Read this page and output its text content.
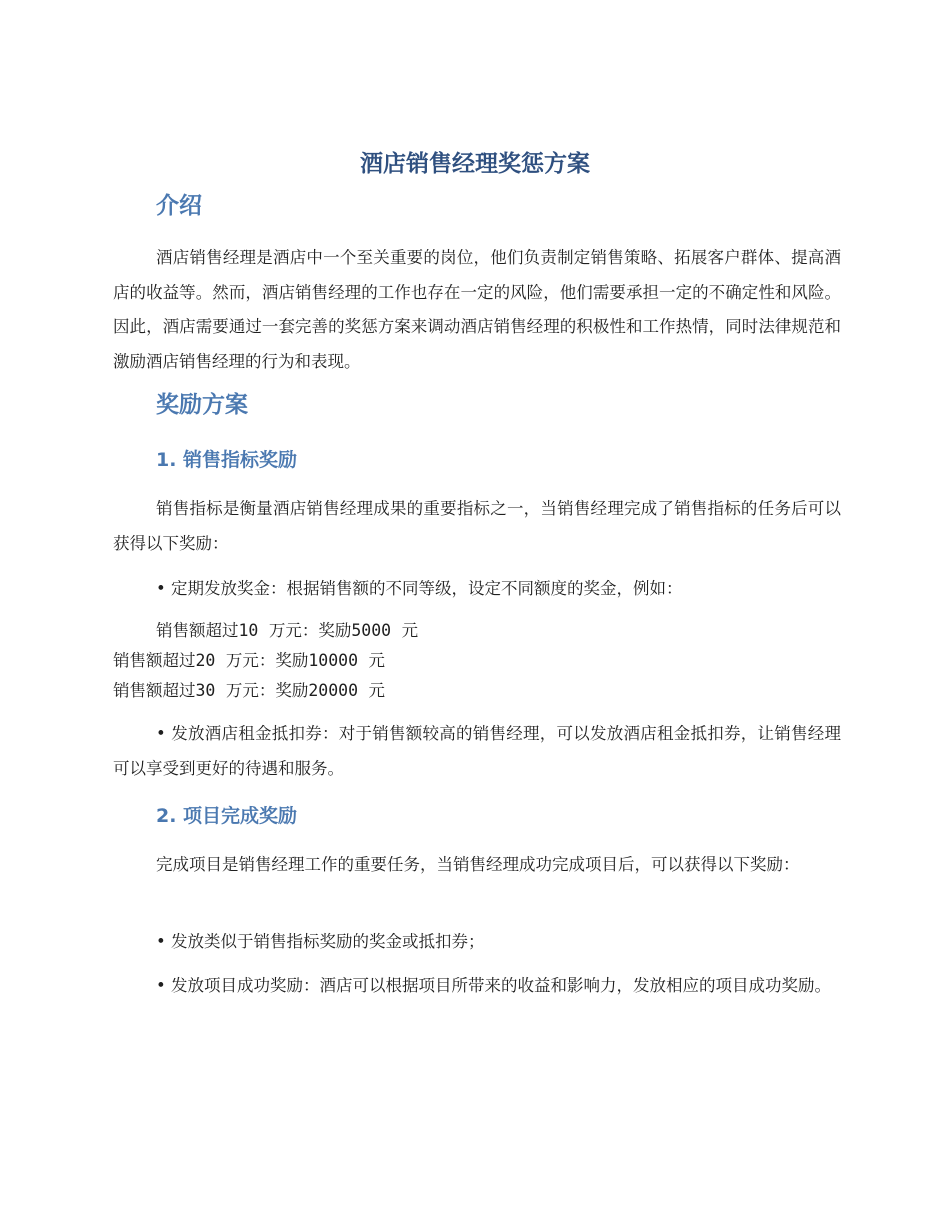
酒店销售经理奖惩方案
介绍

酒店销售经理是酒店中一个至关重要的岗位，他们负责制定销售策略、拓展客户群体、提高酒店的收益等。然而，酒店销售经理的工作也存在一定的风险，他们需要承担一定的不确定性和风险。因此，酒店需要通过一套完善的奖惩方案来调动酒店销售经理的积极性和工作热情，同时法律规范和激励酒店销售经理的行为和表现。

奖励方案
1. 销售指标奖励

销售指标是衡量酒店销售经理成果的重要指标之一，当销售经理完成了销售指标的任务后可以获得以下奖励：

• 定期发放奖金：根据销售额的不同等级，设定不同额度的奖金，例如：
销售额超过10 万元：奖励5000 元
销售额超过20 万元：奖励10000 元
销售额超过30 万元：奖励20000 元

• 发放酒店租金抵扣券：对于销售额较高的销售经理，可以发放酒店租金抵扣券，让销售经理可以享受到更好的待遇和服务。

2. 项目完成奖励

完成项目是销售经理工作的重要任务，当销售经理成功完成项目后，可以获得以下奖励：

• 发放类似于销售指标奖励的奖金或抵扣券；

• 发放项目成功奖励：酒店可以根据项目所带来的收益和影响力，发放相应的项目成功奖励。
